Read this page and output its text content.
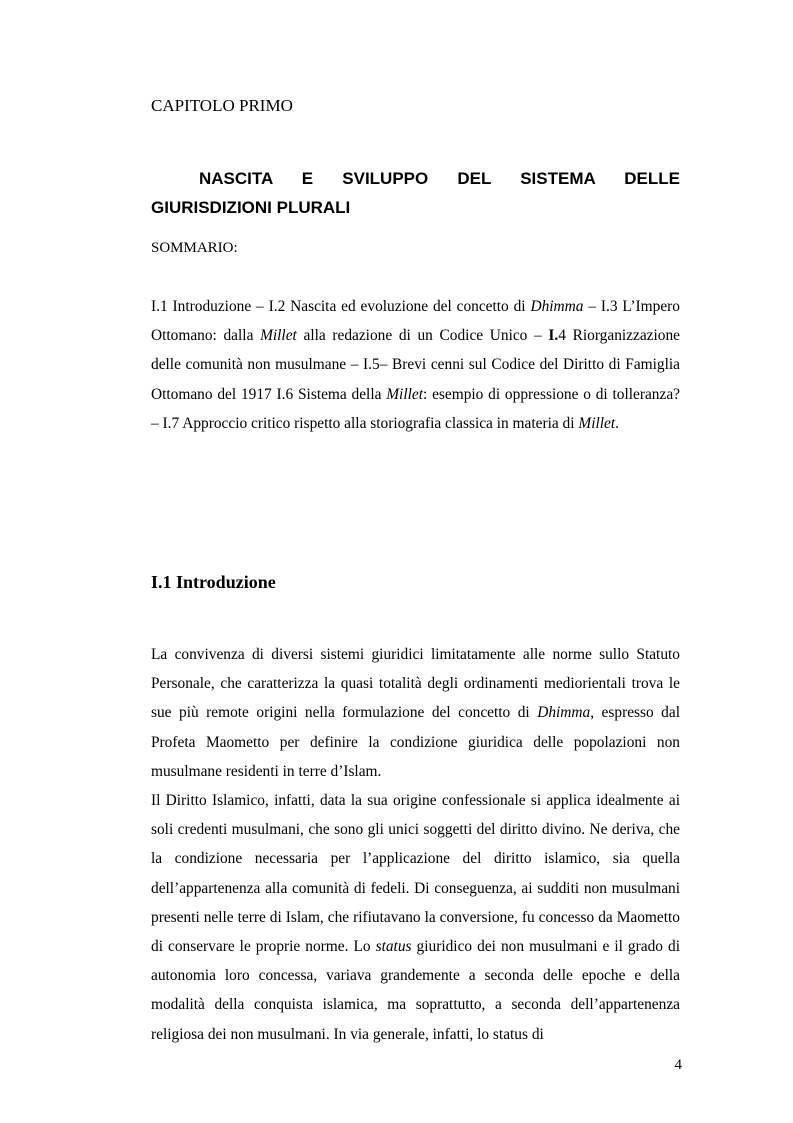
CAPITOLO PRIMO

NASCITA E SVILUPPO DEL SISTEMA DELLE
GIURISDIZIONI PLURALI

SOMMARIO:

I.1 Introduzione – I.2 Nascita ed evoluzione del concetto di Dhimma – I.3 L’Impero Ottomano: dalla Millet alla redazione di un Codice Unico – I.4 Riorganizzazione delle comunità non musulmane – I.5– Brevi cenni sul Codice del Diritto di Famiglia Ottomano del 1917 I.6 Sistema della Millet: esempio di oppressione o di tolleranza? – I.7 Approccio critico rispetto alla storiografia classica in materia di Millet.

I.1 Introduzione

La convivenza di diversi sistemi giuridici limitatamente alle norme sullo Statuto Personale, che caratterizza la quasi totalità degli ordinamenti mediorientali trova le sue più remote origini nella formulazione del concetto di Dhimma, espresso dal Profeta Maometto per definire la condizione giuridica delle popolazioni non musulmane residenti in terre d’Islam.

Il Diritto Islamico, infatti, data la sua origine confessionale si applica idealmente ai soli credenti musulmani, che sono gli unici soggetti del diritto divino. Ne deriva, che la condizione necessaria per l’applicazione del diritto islamico, sia quella dell’appartenenza alla comunità di fedeli. Di conseguenza, ai sudditi non musulmani presenti nelle terre di Islam, che rifiutavano la conversione, fu concesso da Maometto di conservare le proprie norme. Lo status giuridico dei non musulmani e il grado di autonomia loro concessa, variava grandemente a seconda delle epoche e della modalità della conquista islamica, ma soprattutto, a seconda dell’appartenenza religiosa dei non musulmani. In via generale, infatti, lo status di

4
